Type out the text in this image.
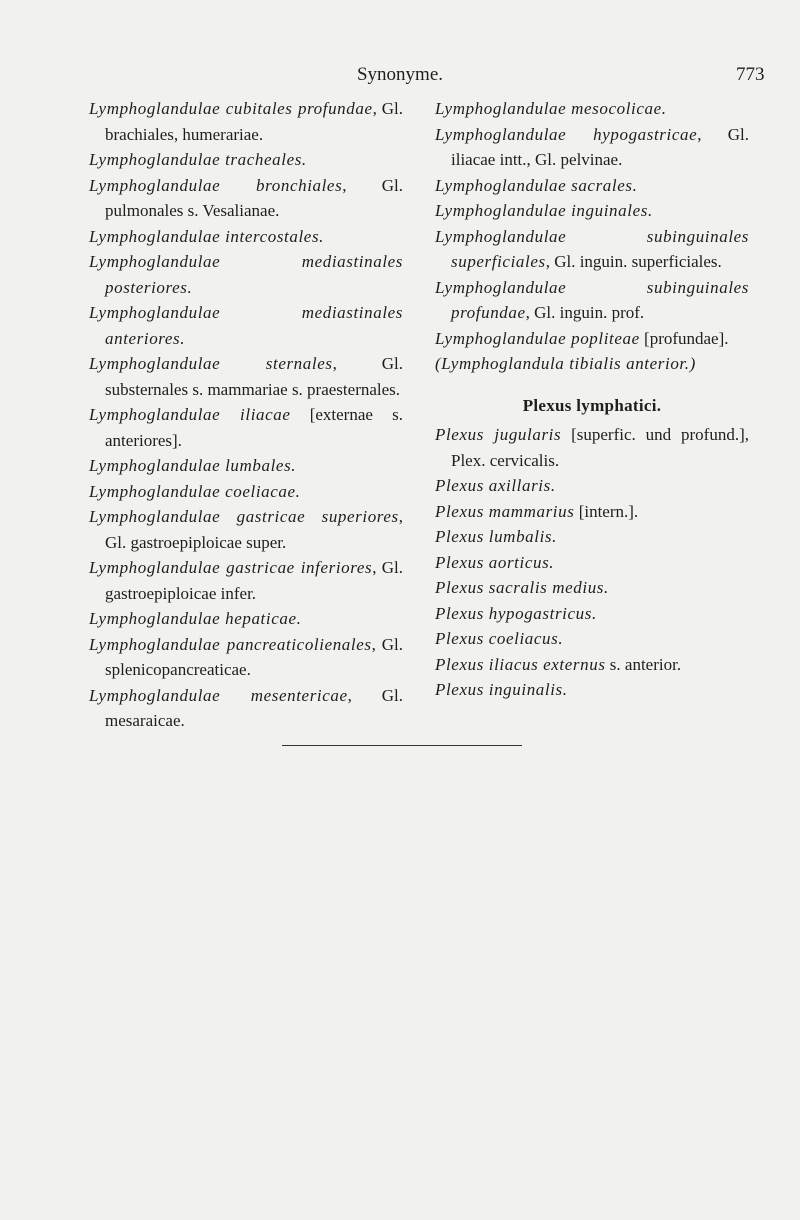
Synonyme.	773
Lymphoglandulae cubitales profundae, Gl. brachiales, humerariae.
Lymphoglandulae tracheales.
Lymphoglandulae bronchiales, Gl. pulmonales s. Vesalianae.
Lymphoglandulae intercostales.
Lymphoglandulae mediastinales posteriores.
Lymphoglandulae mediastinales anteriores.
Lymphoglandulae sternales, Gl. substernales s. mammariae s. praesternales.
Lymphoglandulae iliacae [externae s. anteriores].
Lymphoglandulae lumbales.
Lymphoglandulae coeliacae.
Lymphoglandulae gastricae superiores, Gl. gastroepiploicae super.
Lymphoglandulae gastricae inferiores, Gl. gastroepiploicae infer.
Lymphoglandulae hepaticae.
Lymphoglandulae pancreaticolienales, Gl. splenicopancreaticae.
Lymphoglandulae mesentericae, Gl. mesaraicae.
Lymphoglandulae mesocolicae.
Lymphoglandulae hypogastricae, Gl. iliacae intt., Gl. pelvinae.
Lymphoglandulae sacrales.
Lymphoglandulae inguinales.
Lymphoglandulae subinguinales superficiales, Gl. inguin. superficiales.
Lymphoglandulae subinguinales profundae, Gl. inguin. prof.
Lymphoglandulae popliteae [profundae].
(Lymphoglandula tibialis anterior.)
Plexus lymphatici.
Plexus jugularis [superfic. und profund.], Plex. cervicalis.
Plexus axillaris.
Plexus mammarius [intern.].
Plexus lumbalis.
Plexus aorticus.
Plexus sacralis medius.
Plexus hypogastricus.
Plexus coeliacus.
Plexus iliacus externus s. anterior.
Plexus inguinalis.
